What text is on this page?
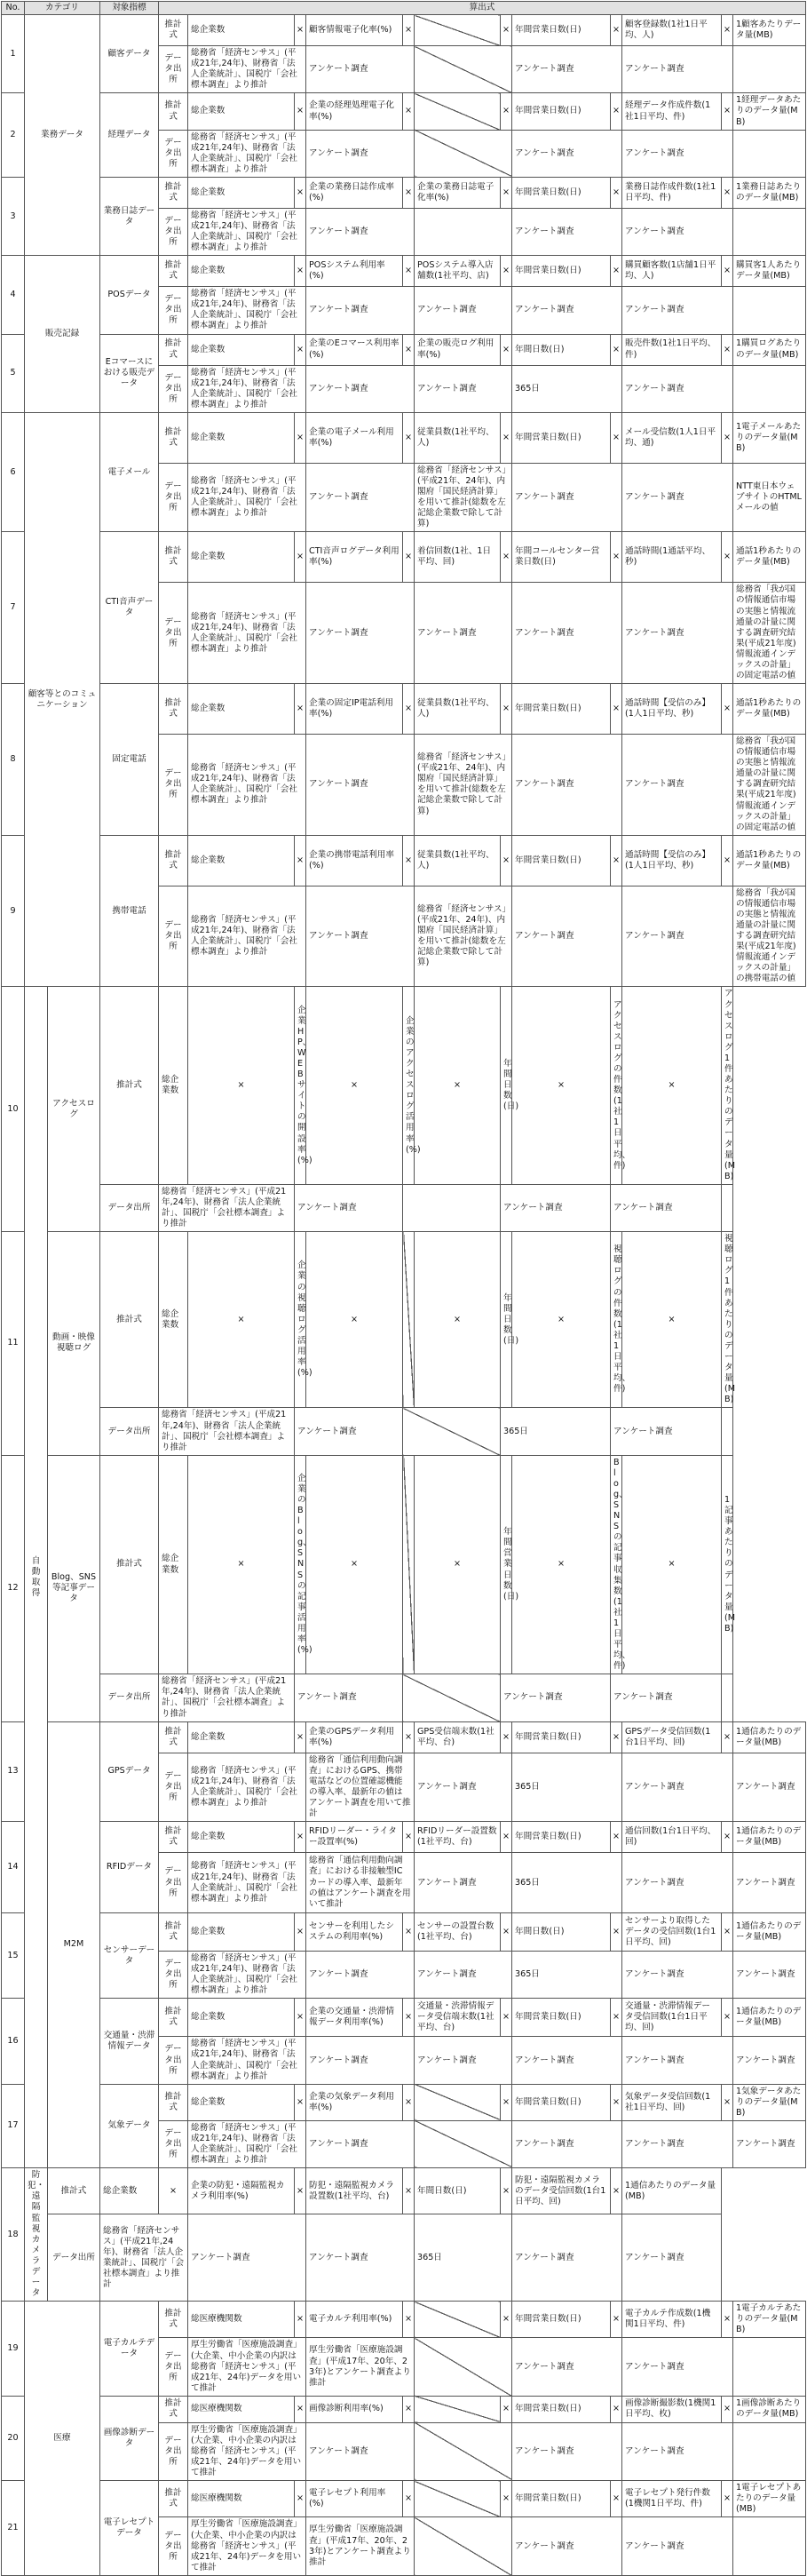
No.	カテゴリ		対象指標	算出式											
1	業務データ		顧客データ	推計式	総企業数	×	顧客情報電子化率(%)	×		×	年間営業日数(日)	×	顧客登録数(1社1日平均、人)	×	1顧客あたりデータ量(MB)
				データ出所	総務省「経済センサス」(平成21年,24年)、財務省「法人企業統計」、国税庁「会社標本調査」より推計		アンケート調査				アンケート調査		アンケート調査		
2			経理データ	推計式	総企業数	×	企業の経理処理電子化率(%)	×		×	年間営業日数(日)	×	経理データ作成件数(1社1日平均、件)	×	1経理データあたりのデータ量(MB)
				データ出所	総務省「経済センサス」(平成21年,24年)、財務省「法人企業統計」、国税庁「会社標本調査」より推計		アンケート調査				アンケート調査		アンケート調査		
3			業務日誌データ	推計式	総企業数	×	企業の業務日誌作成率(%)	×	企業の業務日誌電子化率(%)	×	年間営業日数(日)	×	業務日誌作成件数(1社1日平均、件)	×	1業務日誌あたりのデータ量(MB)
				データ出所	総務省「経済センサス」(平成21年,24年)、財務省「法人企業統計」、国税庁「会社標本調査」より推計		アンケート調査				アンケート調査		アンケート調査		
4	販売記録		POSデータ	推計式	総企業数	×	POSシステム利用率(%)	×	POSシステム導入店舗数(1社平均、店)	×	年間営業日数(日)	×	購買顧客数(1店舗1日平均、人)	×	購買客1人あたりデータ量(MB)
				データ出所	総務省「経済センサス」(平成21年,24年)、財務省「法人企業統計」、国税庁「会社標本調査」より推計		アンケート調査		アンケート調査		アンケート調査		アンケート調査		
5			Eコマースにおける販売データ	推計式	総企業数	×	企業のEコマース利用率(%)	×	企業の販売ログ利用率(%)	×	年間日数(日)	×	販売件数(1社1日平均、件)	×	1購買ログあたりのデータ量(MB)
				データ出所	総務省「経済センサス」(平成21年,24年)、財務省「法人企業統計」、国税庁「会社標本調査」より推計		アンケート調査		アンケート調査		365日		アンケート調査		
6	顧客等とのコミュニケーション		電子メール	推計式	総企業数	×	企業の電子メール利用率(%)	×	従業員数(1社平均、人)	×	年間営業日数(日)	×	メール受信数(1人1日平均、通)	×	1電子メールあたりのデータ量(MB)
				データ出所	総務省「経済センサス」(平成21年,24年)、財務省「法人企業統計」、国税庁「会社標本調査」より推計		アンケート調査		総務省「経済センサス」(平成21年、24年)、内閣府「国民経済計算」を用いて推計(総数を左記総企業数で除して計算)		アンケート調査		アンケート調査		NTT東日本ウェブサイトのHTMLメールの値
7			CTI音声データ	推計式	総企業数	×	CTI音声ログデータ利用率(%)	×	着信回数(1社、1日平均、回)	×	年間コールセンター営業日数(日)	×	通話時間(1通話平均、秒)	×	通話1秒あたりのデータ量(MB)
				データ出所	総務省「経済センサス」(平成21年,24年)、財務省「法人企業統計」、国税庁「会社標本調査」より推計		アンケート調査		アンケート調査		アンケート調査		アンケート調査		総務省「我が国の情報通信市場の実態と情報流通量の計量に関する調査研究結果(平成21年度)情報流通インデックスの計量」の固定電話の値
8			固定電話	推計式	総企業数	×	企業の固定IP電話利用率(%)	×	従業員数(1社平均、人)	×	年間営業日数(日)	×	通話時間【受信のみ】(1人1日平均、秒)	×	通話1秒あたりのデータ量(MB)
				データ出所	総務省「経済センサス」(平成21年,24年)、財務省「法人企業統計」、国税庁「会社標本調査」より推計		アンケート調査		総務省「経済センサス」(平成21年、24年)、内閣府「国民経済計算」を用いて推計(総数を左記総企業数で除して計算)		アンケート調査		アンケート調査		総務省「我が国の情報通信市場の実態と情報流通量の計量に関する調査研究結果(平成21年度)情報流通インデックスの計量」の固定電話の値
9			携帯電話	推計式	総企業数	×	企業の携帯電話利用率(%)	×	従業員数(1社平均、人)	×	年間営業日数(日)	×	通話時間【受信のみ】(1人1日平均、秒)	×	通話1秒あたりのデータ量(MB)
				データ出所	総務省「経済センサス」(平成21年,24年)、財務省「法人企業統計」、国税庁「会社標本調査」より推計		アンケート調査		総務省「経済センサス」(平成21年、24年)、内閣府「国民経済計算」を用いて推計(総数を左記総企業数で除して計算)		アンケート調査		アンケート調査		総務省「我が国の情報通信市場の実態と情報流通量の計量に関する調査研究結果(平成21年度)情報流通インデックスの計量」の携帯電話の値
10	自動取得	アクセスログ	推計式	総企業数	×	企業HP、WEBサイトの開設率(%)	×	企業のアクセスログ活用率(%)	×	年間日数(日)	×	アクセスログの件数(1社1日平均、件)	×	アクセスログ1件あたりのデータ量(MB)	
			データ出所	総務省「経済センサス」(平成21年,24年)、財務省「法人企業統計」、国税庁「会社標本調査」より推計		アンケート調査				アンケート調査		アンケート調査			
11		動画・映像視聴ログ	推計式	総企業数	×	企業の視聴ログ活用率(%)	×		×	年間日数(日)	×	視聴ログの件数(1社1日平均、件)	×	視聴ログ1件あたりのデータ量(MB)	
			データ出所	総務省「経済センサス」(平成21年,24年)、財務省「法人企業統計」、国税庁「会社標本調査」より推計		アンケート調査				365日		アンケート調査			
12		Blog、SNS等記事データ	推計式	総企業数	×	企業のBlog、SNSの記事活用率(%)	×		×	年間営業日数(日)	×	Blog、SNSの記事収集数(1社1日平均、件)	×	1記事あたりのデータ量(MB)	
			データ出所	総務省「経済センサス」(平成21年,24年)、財務省「法人企業統計」、国税庁「会社標本調査」より推計		アンケート調査				アンケート調査		アンケート調査			
13		M2M	GPSデータ	推計式	総企業数	×	企業のGPSデータ利用率(%)	×	GPS受信端末数(1社平均、台)	×	年間営業日数(日)	×	GPSデータ受信回数(1台1日平均、回)	×	1通信あたりのデータ量(MB)
				データ出所	総務省「経済センサス」(平成21年,24年)、財務省「法人企業統計」、国税庁「会社標本調査」より推計		総務省「通信利用動向調査」におけるGPS、携帯電話などの位置確認機能の導入率、最新年の値はアンケート調査を用いて推計		アンケート調査		365日		アンケート調査		アンケート調査
14			RFIDデータ	推計式	総企業数	×	RFIDリーダー・ライター設置率(%)	×	RFIDリーダー設置数(1社平均、台)	×	年間営業日数(日)	×	通信回数(1台1日平均、回)	×	1通信あたりのデータ量(MB)
				データ出所	総務省「経済センサス」(平成21年,24年)、財務省「法人企業統計」、国税庁「会社標本調査」より推計		総務省「通信利用動向調査」における非接触型ICカードの導入率、最新年の値はアンケート調査を用いて推計		アンケート調査		365日		アンケート調査		アンケート調査
15			センサーデータ	推計式	総企業数	×	センサーを利用したシステムの利用率(%)	×	センサーの設置台数(1社平均、台)	×	年間日数(日)	×	センサーより取得したデータの受信回数(1台1日平均、回)	×	1通信あたりのデータ量(MB)
				データ出所	総務省「経済センサス」(平成21年,24年)、財務省「法人企業統計」、国税庁「会社標本調査」より推計		アンケート調査		アンケート調査		365日		アンケート調査		アンケート調査
16			交通量・渋滞情報データ	推計式	総企業数	×	企業の交通量・渋滞情報データ利用率(%)	×	交通量・渋滞情報データ受信端末数(1社平均、台)	×	年間営業日数(日)	×	交通量・渋滞情報データ受信回数(1台1日平均、回)	×	1通信あたりのデータ量(MB)
				データ出所	総務省「経済センサス」(平成21年,24年)、財務省「法人企業統計」、国税庁「会社標本調査」より推計		アンケート調査		アンケート調査		アンケート調査		アンケート調査		アンケート調査
17			気象データ	推計式	総企業数	×	企業の気象データ利用率(%)	×		×	年間営業日数(日)	×	気象データ受信回数(1社1日平均、回)	×	1気象データあたりのデータ量(MB)
				データ出所	総務省「経済センサス」(平成21年,24年)、財務省「法人企業統計」、国税庁「会社標本調査」より推計		アンケート調査				アンケート調査		アンケート調査		アンケート調査
18	防犯・遠隔監視カメラデータ	推計式	総企業数	×	企業の防犯・遠隔監視カメラ利用率(%)	×	防犯・遠隔監視カメラ設置数(1社平均、台)	×	年間日数(日)	×	防犯・遠隔監視カメラのデータ受信回数(1台1日平均、回)	×	1通信あたりのデータ量(MB)		
		データ出所	総務省「経済センサス」(平成21年,24年)、財務省「法人企業統計」、国税庁「会社標本調査」より推計		アンケート調査		アンケート調査		365日		アンケート調査		アンケート調査		
19	医療		電子カルテデータ	推計式	総医療機関数	×	電子カルテ利用率(%)	×		×	年間営業日数(日)	×	電子カルテ作成数(1機関1日平均、件)	×	1電子カルテあたりのデータ量(MB)
				データ出所	厚生労働省「医療施設調査」(大企業、中小企業の内訳は総務省「経済センサス」(平成21年、24年)データを用いて推計		厚生労働省「医療施設調査」(平成17年、20年、23年)とアンケート調査より推計				アンケート調査		アンケート調査		
20			画像診断データ	推計式	総医療機関数	×	画像診断利用率(%)	×		×	年間営業日数(日)	×	画像診断撮影数(1機関1日平均、枚)	×	1画像診断あたりのデータ量(MB)
				データ出所	厚生労働省「医療施設調査」(大企業、中小企業の内訳は総務省「経済センサス」(平成21年、24年)データを用いて推計		アンケート調査				アンケート調査		アンケート調査		
21			電子レセプトデータ	推計式	総医療機関数	×	電子レセプト利用率(%)	×		×	年間営業日数(日)	×	電子レセプト発行件数(1機関1日平均、件)	×	1電子レセプトあたりのデータ量(MB)
				データ出所	厚生労働省「医療施設調査」(大企業、中小企業の内訳は総務省「経済センサス」(平成21年、24年)データを用いて推計		厚生労働省「医療施設調査」(平成17年、20年、23年)とアンケート調査より推計				アンケート調査		アンケート調査		
